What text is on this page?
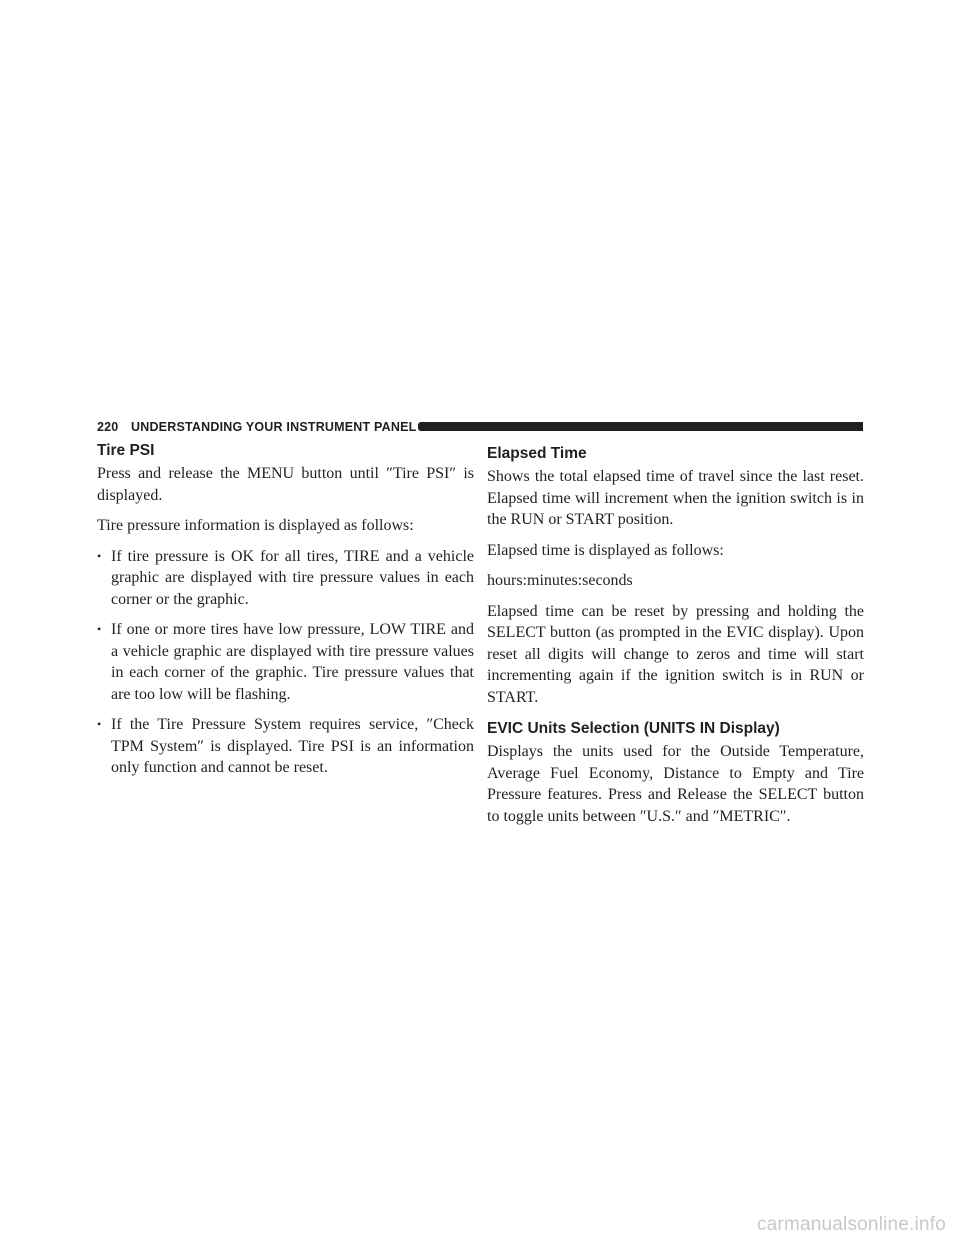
220 UNDERSTANDING YOUR INSTRUMENT PANEL
Tire PSI

Press and release the MENU button until ″Tire PSI″ is displayed.

Tire pressure information is displayed as follows:

• If tire pressure is OK for all tires, TIRE and a vehicle graphic are displayed with tire pressure values in each corner or the graphic.
• If one or more tires have low pressure, LOW TIRE and a vehicle graphic are displayed with tire pressure values in each corner of the graphic. Tire pressure values that are too low will be flashing.
• If the Tire Pressure System requires service, ″Check TPM System″ is displayed. Tire PSI is an information only function and cannot be reset.
Elapsed Time

Shows the total elapsed time of travel since the last reset. Elapsed time will increment when the ignition switch is in the RUN or START position.

Elapsed time is displayed as follows:

hours:minutes:seconds

Elapsed time can be reset by pressing and holding the SELECT button (as prompted in the EVIC display). Upon reset all digits will change to zeros and time will start incrementing again if the ignition switch is in RUN or START.

EVIC Units Selection (UNITS IN Display)

Displays the units used for the Outside Temperature, Average Fuel Economy, Distance to Empty and Tire Pressure features. Press and Release the SELECT button to toggle units between ″U.S.″ and ″METRIC″.

carmanualsonline.info
